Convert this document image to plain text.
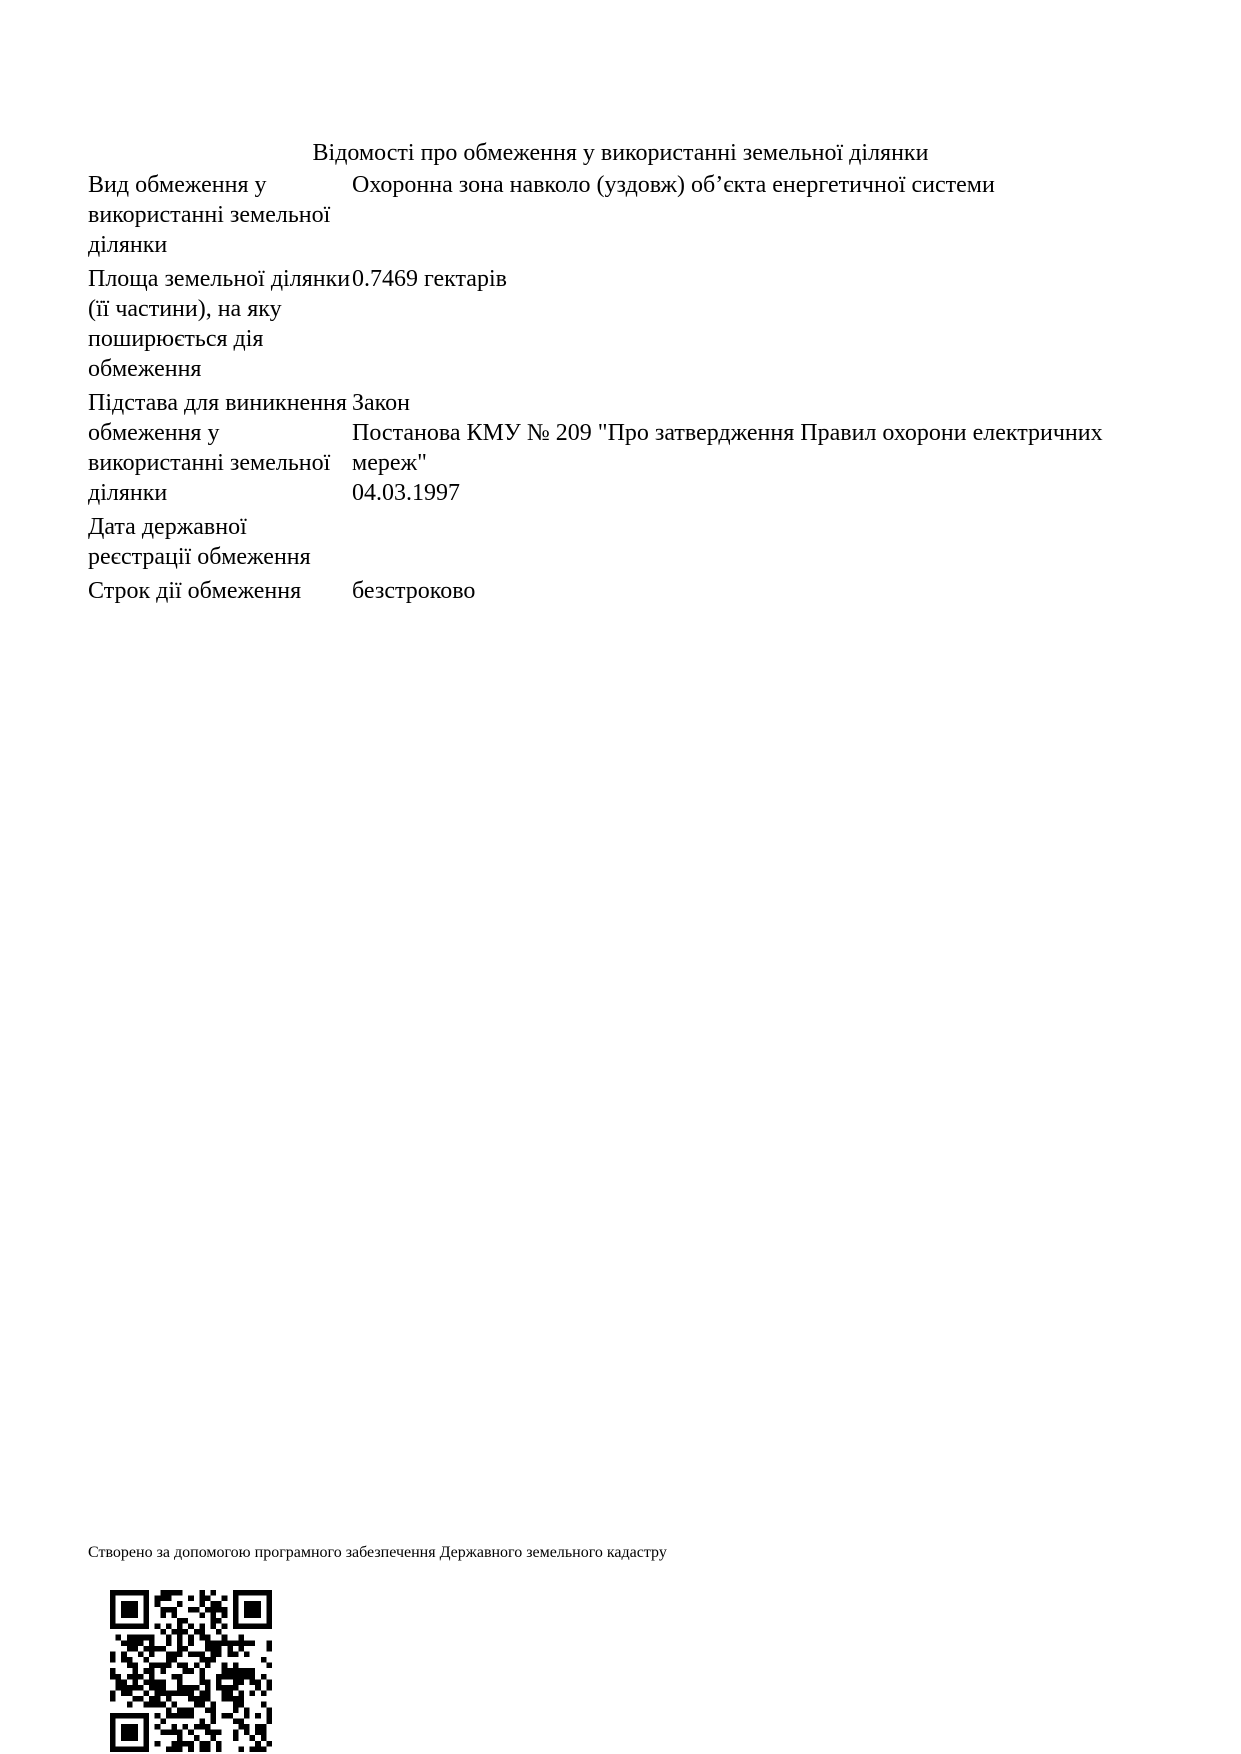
Відомості про обмеження у використанні земельної ділянки
Вид обмеження у використанні земельної ділянки	Охоронна зона навколо (уздовж) об’єкта енергетичної системи

Площа земельної ділянки (її частини), на яку поширюється дія обмеження	0.7469 гектарів

Підстава для виникнення обмеження у використанні земельної ділянки	Закон
Постанова КМУ № 209 "Про затвердження Правил охорони електричних мереж"
04.03.1997

Дата державної реєстрації обмеження	
Строк дії обмеження	безстроково
Створено за допомогою програмного забезпечення Державного земельного кадастру
